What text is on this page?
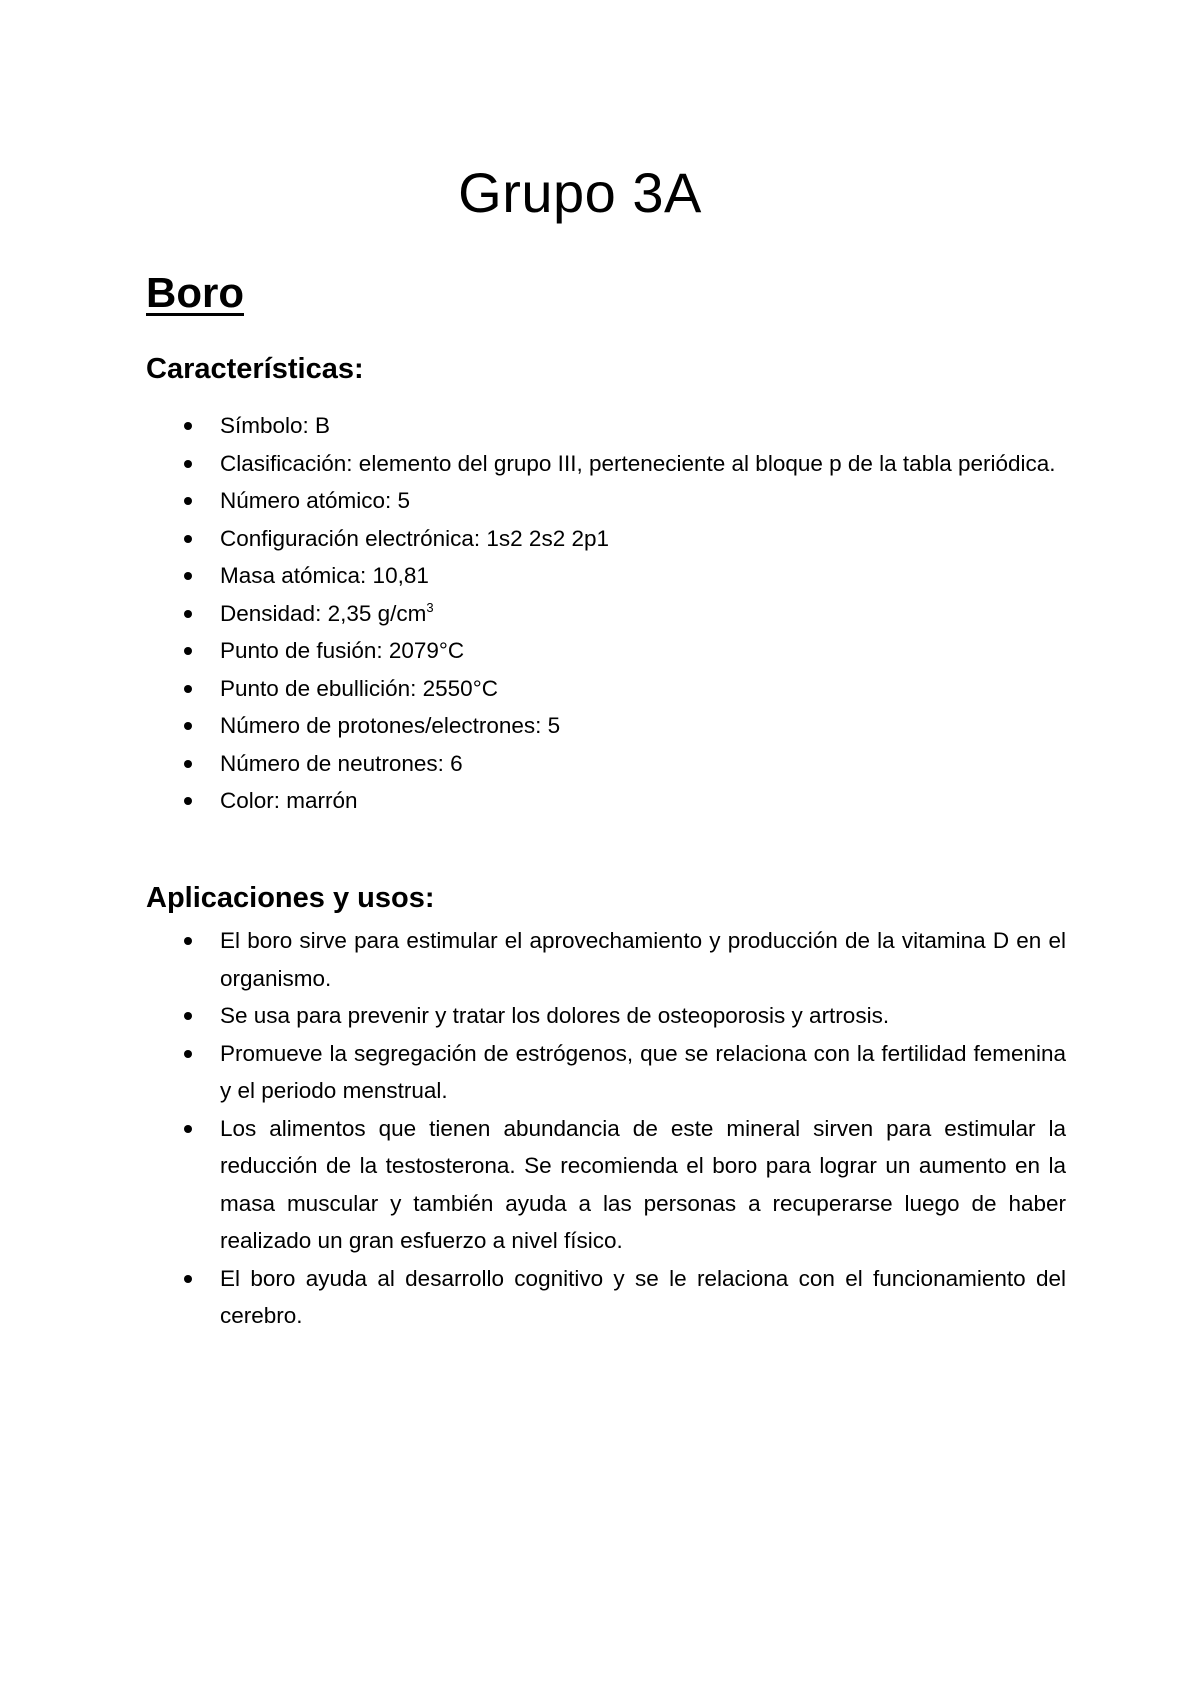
Grupo 3A
Boro
Características:
Símbolo: B
Clasificación: elemento del grupo III, perteneciente al bloque p de la tabla periódica.
Número atómico: 5
Configuración electrónica: 1s2 2s2 2p1
Masa atómica: 10,81
Densidad: 2,35 $g/cm^3$
Punto de fusión: 2079°C
Punto de ebullición: 2550°C
Número de protones/electrones: 5
Número de neutrones: 6
Color: marrón
Aplicaciones y usos:
El boro sirve para estimular el aprovechamiento y producción de la vitamina D en el organismo.
Se usa para prevenir y tratar los dolores de osteoporosis y artrosis.
Promueve la segregación de estrógenos, que se relaciona con la fertilidad femenina y el periodo menstrual.
Los alimentos que tienen abundancia de este mineral sirven para estimular la reducción de la testosterona. Se recomienda el boro para lograr un aumento en la masa muscular y también ayuda a las personas a recuperarse luego de haber realizado un gran esfuerzo a nivel físico.
El boro ayuda al desarrollo cognitivo y se le relaciona con el funcionamiento del cerebro.
